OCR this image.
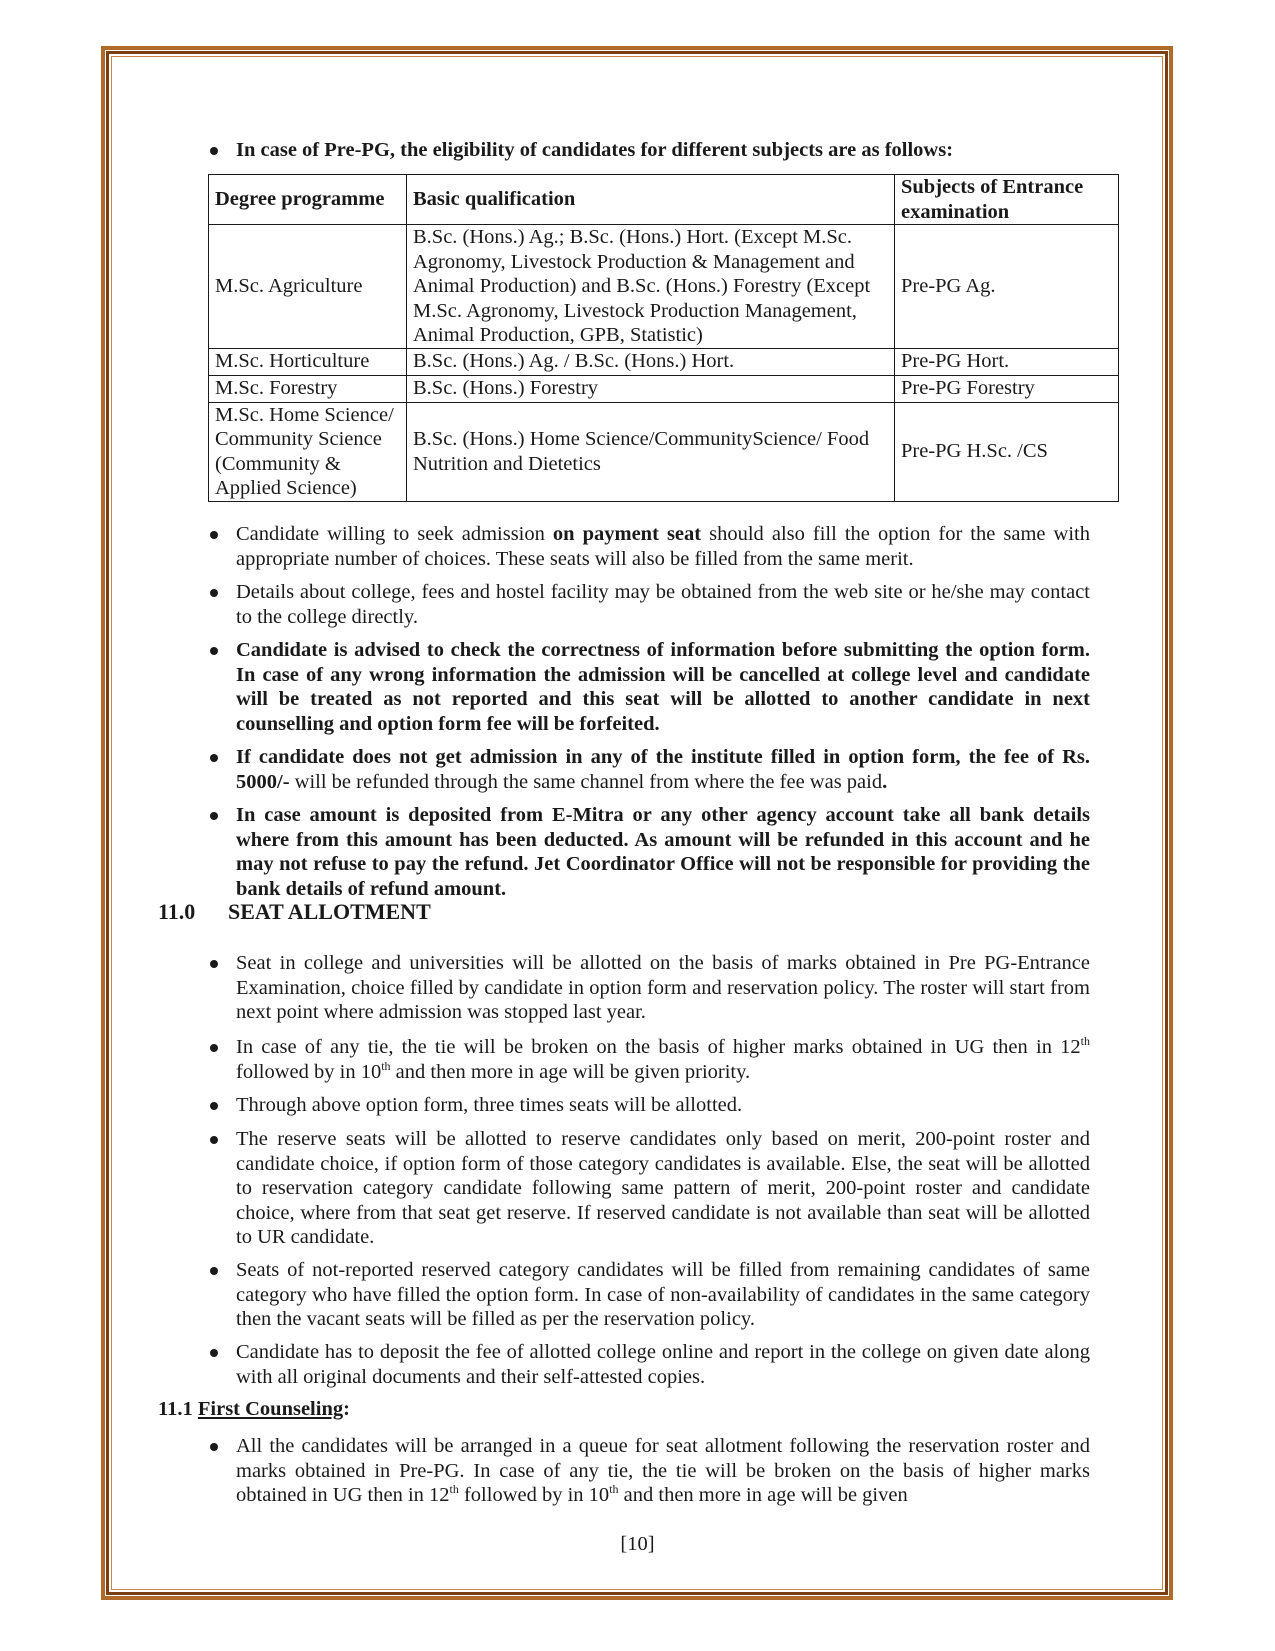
In case of Pre-PG, the eligibility of candidates for different subjects are as follows:
Degree programme	Basic qualification	Subjects of Entrance examination
M.Sc. Agriculture	B.Sc. (Hons.) Ag.; B.Sc. (Hons.) Hort. (Except M.Sc. Agronomy, Livestock Production & Management and Animal Production) and B.Sc. (Hons.) Forestry (Except M.Sc. Agronomy, Livestock Production Management, Animal Production, GPB, Statistic)	Pre-PG Ag.
M.Sc. Horticulture	B.Sc. (Hons.) Ag. / B.Sc. (Hons.) Hort.	Pre-PG Hort.
M.Sc. Forestry	B.Sc. (Hons.) Forestry	Pre-PG Forestry
M.Sc. Home Science/ Community Science (Community & Applied Science)	B.Sc. (Hons.) Home Science/CommunityScience/ Food Nutrition and Dietetics	Pre-PG H.Sc. /CS
Candidate willing to seek admission on payment seat should also fill the option for the same with appropriate number of choices. These seats will also be filled from the same merit.
Details about college, fees and hostel facility may be obtained from the web site or he/she may contact to the college directly.
Candidate is advised to check the correctness of information before submitting the option form. In case of any wrong information the admission will be cancelled at college level and candidate will be treated as not reported and this seat will be allotted to another candidate in next counselling and option form fee will be forfeited.
If candidate does not get admission in any of the institute filled in option form, the fee of Rs. 5000/- will be refunded through the same channel from where the fee was paid.
In case amount is deposited from E-Mitra or any other agency account take all bank details where from this amount has been deducted. As amount will be refunded in this account and he may not refuse to pay the refund. Jet Coordinator Office will not be responsible for providing the bank details of refund amount.
11.0 SEAT ALLOTMENT
Seat in college and universities will be allotted on the basis of marks obtained in Pre PG-Entrance Examination, choice filled by candidate in option form and reservation policy. The roster will start from next point where admission was stopped last year.
In case of any tie, the tie will be broken on the basis of higher marks obtained in UG then in 12th followed by in 10th and then more in age will be given priority.
Through above option form, three times seats will be allotted.
The reserve seats will be allotted to reserve candidates only based on merit, 200-point roster and candidate choice, if option form of those category candidates is available. Else, the seat will be allotted to reservation category candidate following same pattern of merit, 200-point roster and candidate choice, where from that seat get reserve. If reserved candidate is not available than seat will be allotted to UR candidate.
Seats of not-reported reserved category candidates will be filled from remaining candidates of same category who have filled the option form. In case of non-availability of candidates in the same category then the vacant seats will be filled as per the reservation policy.
Candidate has to deposit the fee of allotted college online and report in the college on given date along with all original documents and their self-attested copies.
11.1 First Counseling:
All the candidates will be arranged in a queue for seat allotment following the reservation roster and marks obtained in Pre-PG. In case of any tie, the tie will be broken on the basis of higher marks obtained in UG then in 12th followed by in 10th and then more in age will be given
[10]
